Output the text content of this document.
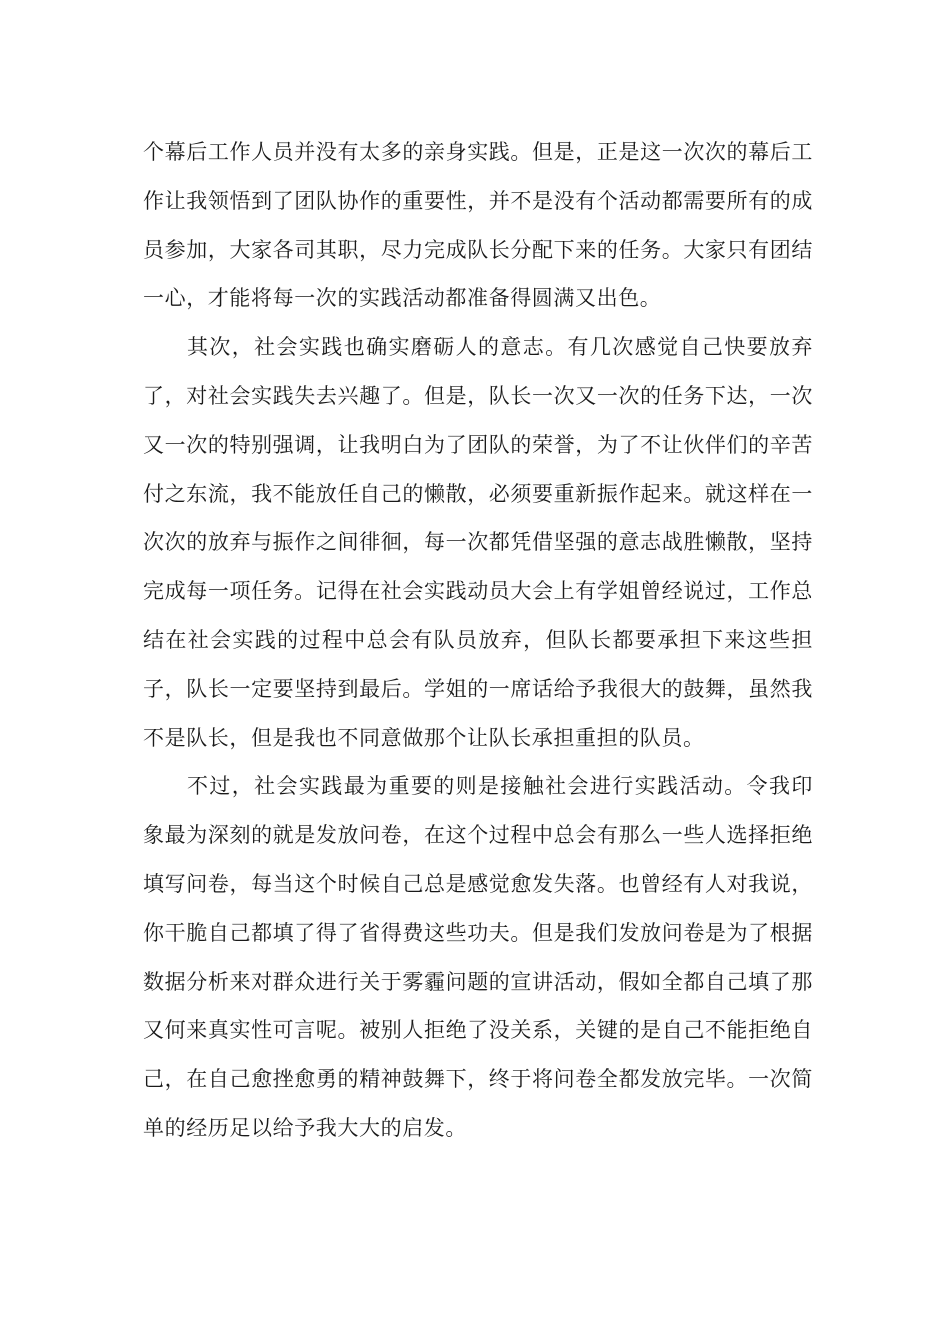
个幕后工作人员并没有太多的亲身实践。但是，正是这一次次的幕后工作让我领悟到了团队协作的重要性，并不是没有个活动都需要所有的成员参加，大家各司其职，尽力完成队长分配下来的任务。大家只有团结一心，才能将每一次的实践活动都准备得圆满又出色。

其次，社会实践也确实磨砺人的意志。有几次感觉自己快要放弃了，对社会实践失去兴趣了。但是，队长一次又一次的任务下达，一次又一次的特别强调，让我明白为了团队的荣誉，为了不让伙伴们的辛苦付之东流，我不能放任自己的懒散，必须要重新振作起来。就这样在一次次的放弃与振作之间徘徊，每一次都凭借坚强的意志战胜懒散，坚持完成每一项任务。记得在社会实践动员大会上有学姐曾经说过，工作总结在社会实践的过程中总会有队员放弃，但队长都要承担下来这些担子，队长一定要坚持到最后。学姐的一席话给予我很大的鼓舞，虽然我不是队长，但是我也不同意做那个让队长承担重担的队员。

不过，社会实践最为重要的则是接触社会进行实践活动。令我印象最为深刻的就是发放问卷，在这个过程中总会有那么一些人选择拒绝填写问卷，每当这个时候自己总是感觉愈发失落。也曾经有人对我说，你干脆自己都填了得了省得费这些功夫。但是我们发放问卷是为了根据数据分析来对群众进行关于雾霾问题的宣讲活动，假如全都自己填了那又何来真实性可言呢。被别人拒绝了没关系，关键的是自己不能拒绝自己，在自己愈挫愈勇的精神鼓舞下，终于将问卷全都发放完毕。一次简单的经历足以给予我大大的启发。
